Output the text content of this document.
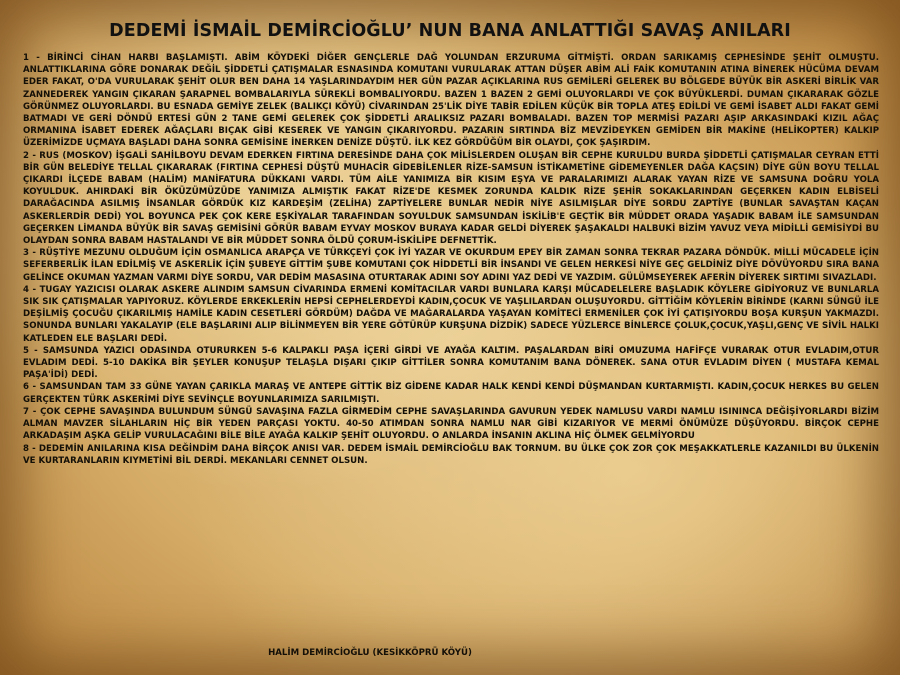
DEDEMİ İSMAİL DEMİRCİOĞLU’ NUN BANA ANLATTIĞI SAVAŞ ANILARI

1 - BİRİNCİ CİHAN HARBI BAŞLAMIŞTI. ABİM KÖYDEKİ DİĞER GENÇLERLE DAĞ YOLUNDAN ERZURUMA GİTMİŞTİ. ORDAN SARIKAMIŞ CEPHESİNDE ŞEHİT OLMUŞTU. ANLATTIKLARINA GÖRE DONARAK DEĞİL ŞİDDETLİ ÇATIŞMALAR ESNASINDA KOMUTANI VURULARAK ATTAN DÜŞER ABİM ALİ FAİK KOMUTANIN ATINA BİNEREK HÜCÜMA DEVAM EDER FAKAT, O'DA VURULARAK ŞEHİT OLUR BEN DAHA 14 YAŞLARINDAYDIM HER GÜN PAZAR AÇIKLARINA RUS GEMİLERİ GELEREK BU BÖLGEDE BÜYÜK BİR ASKERİ BİRLİK VAR ZANNEDEREK YANGIN ÇIKARAN ŞARAPNEL BOMBALARIYLA SÜREKLİ BOMBALIYORDU. BAZEN 1 BAZEN 2 GEMİ OLUYORLARDI VE ÇOK BÜYÜKLERDİ. DUMAN ÇIKARARAK GÖZLE GÖRÜNMEZ OLUYORLARDI. BU ESNADA GEMİYE ZELEK (BALIKÇI KÖYÜ) CİVARINDAN 25'LİK DİYE TABİR EDİLEN KÜÇÜK BİR TOPLA ATEŞ EDİLDİ VE GEMİ İSABET ALDI FAKAT GEMİ BATMADI VE GERİ DÖNDÜ ERTESİ GÜN 2 TANE GEMİ GELEREK ÇOK ŞİDDETLİ ARALIKSIZ PAZARI BOMBALADI. BAZEN TOP MERMİSİ PAZARI AŞIP ARKASINDAKİ KIZIL AĞAÇ ORMANINA İSABET EDEREK AĞAÇLARI BIÇAK GİBİ KESEREK VE YANGIN ÇIKARIYORDU. PAZARIN SIRTINDA BİZ MEVZİDEYKEN GEMİDEN BİR MAKİNE (HELİKOPTER) KALKIP ÜZERİMİZDE UÇMAYA BAŞLADI DAHA SONRA GEMİSİNE İNERKEN DENİZE DÜŞTÜ. İLK KEZ GÖRDÜĞÜM BİR OLAYDI, ÇOK ŞAŞIRDIM.

2 - RUS (MOSKOV) İŞGALİ SAHİLBOYU DEVAM EDERKEN FIRTINA DERESİNDE DAHA ÇOK MİLİSLERDEN OLUŞAN BİR CEPHE KURULDU BURDA ŞİDDETLİ ÇATIŞMALAR CEYRAN ETTİ BİR GÜN BELEDİYE TELLAL ÇIKARARAK (FIRTINA CEPHESİ DÜŞTÜ MUHACİR GİDEBİLENLER RİZE-SAMSUN İSTİKAMETİNE GİDEMEYENLER DAĞA KAÇSIN) DİYE GÜN BOYU TELLAL ÇIKARDI İLÇEDE BABAM (HALİM) MANİFATURA DÜKKANI VARDI. TÜM AİLE YANIMIZA BİR KISIM EŞYA VE PARALARIMIZI ALARAK YAYAN RİZE VE SAMSUNA DOĞRU YOLA KOYULDUK. AHIRDAKİ BİR ÖKÜZÜMÜZÜDE YANIMIZA ALMIŞTIK FAKAT RİZE'DE KESMEK ZORUNDA KALDIK RİZE ŞEHİR SOKAKLARINDAN GEÇERKEN KADIN ELBİSELİ DARAĞACINDA ASILMIŞ İNSANLAR GÖRDÜK KIZ KARDEŞİM (ZELİHA) ZAPTİYELERE BUNLAR NEDİR NİYE ASILMIŞLAR DİYE SORDU ZAPTİYE (BUNLAR SAVAŞTAN KAÇAN ASKERLERDİR DEDİ) YOL BOYUNCA PEK ÇOK KERE EŞKİYALAR TARAFINDAN SOYULDUK SAMSUNDAN İSKİLİB'E GEÇTİK BİR MÜDDET ORADA YAŞADIK BABAM İLE SAMSUNDAN GEÇERKEN LİMANDA BÜYÜK BİR SAVAŞ GEMİSİNİ GÖRÜR BABAM EYVAY MOSKOV BURAYA KADAR GELDİ DİYEREK ŞAŞAKALDI HALBUKİ BİZİM YAVUZ VEYA MİDİLLİ GEMİSİYDİ BU OLAYDAN SONRA BABAM HASTALANDI VE BİR MÜDDET SONRA ÖLDÜ ÇORUM-İSKİLİPE DEFNETTİK.

3 - RÜŞTİYE MEZUNU OLDUĞUM İÇİN OSMANLICA ARAPÇA VE TÜRKÇEYİ ÇOK İYİ YAZAR VE OKURDUM EPEY BİR ZAMAN SONRA TEKRAR PAZARA DÖNDÜK. MİLLİ MÜCADELE İÇİN SEFERBERLİK İLAN EDİLMİŞ VE ASKERLİK İÇİN ŞUBEYE GİTTİM ŞUBE KOMUTANI ÇOK HİDDETLİ BİR İNSANDI VE GELEN HERKESİ NİYE GEÇ GELDİNİZ DİYE DÖVÜYORDU SIRA BANA GELİNCE OKUMAN YAZMAN VARMI DİYE SORDU, VAR DEDİM MASASINA OTURTARAK ADINI SOY ADINI YAZ DEDİ VE YAZDIM. GÜLÜMSEYEREK AFERİN DİYEREK SIRTIMI SIVAZLADI.

4 - TUGAY YAZICISI OLARAK ASKERE ALINDIM SAMSUN CİVARINDA ERMENİ KOMİTACILAR VARDI BUNLARA KARŞI MÜCADELELERE BAŞLADIK KÖYLERE GİDİYORUZ VE BUNLARLA SIK SIK ÇATIŞMALAR YAPIYORUZ. KÖYLERDE ERKEKLERİN HEPSİ CEPHELERDEYDİ KADIN,ÇOCUK VE YAŞLILARDAN OLUŞUYORDU. GİTTİĞİM KÖYLERİN BİRİNDE (KARNI SÜNGÜ İLE DEŞİLMİŞ ÇOCUĞU ÇIKARILMIŞ HAMİLE KADIN CESETLERİ GÖRDÜM) DAĞDA VE MAĞARALARDA YAŞAYAN KOMİTECİ ERMENİLER ÇOK İYİ ÇATIŞIYORDU BOŞA KURŞUN YAKMAZDI. SONUNDA BUNLARI YAKALAYIP (ELE BAŞLARINI ALIP BİLİNMEYEN BİR YERE GÖTÜRÜP KURŞUNA DİZDİK) SADECE YÜZLERCE BİNLERCE ÇOLUK,ÇOCUK,YAŞLI,GENÇ VE SİVİL HALKI KATLEDEN ELE BAŞLARI DEDİ.

5 - SAMSUNDA YAZICI ODASINDA OTURURKEN 5-6 KALPAKLI PAŞA İÇERİ GİRDİ VE AYAĞA KALTIM. PAŞALARDAN BİRİ OMUZUMA HAFİFÇE VURARAK OTUR EVLADIM,OTUR EVLADIM DEDİ. 5-10 DAKİKA BİR ŞEYLER KONUŞUP TELAŞLA DIŞARI ÇIKIP GİTTİLER SONRA KOMUTANIM BANA DÖNEREK. SANA OTUR EVLADIM DİYEN ( MUSTAFA KEMAL PAŞA'İDİ) DEDİ.

6 - SAMSUNDAN TAM 33 GÜNE YAYAN ÇARIKLA MARAŞ VE ANTEPE GİTTİK BİZ GİDENE KADAR HALK KENDİ KENDİ DÜŞMANDAN KURTARMIŞTI. KADIN,ÇOCUK HERKES BU GELEN GERÇEKTEN TÜRK ASKERİMİ DİYE SEVİNÇLE BOYUNLARIMIZA SARILMIŞTI.

7 - ÇOK CEPHE SAVAŞINDA BULUNDUM SÜNGÜ SAVAŞINA FAZLA GİRMEDİM CEPHE SAVAŞLARINDA GAVURUN YEDEK NAMLUSU VARDI NAMLU ISININCA DEĞİŞİYORLARDI BİZİM ALMAN MAVZER SİLAHLARIN HİÇ BİR YEDEN PARÇASI YOKTU. 40-50 ATIMDAN SONRA NAMLU NAR GİBİ KIZARIYOR VE MERMİ ÖNÜMÜZE DÜŞÜYORDU. BİRÇOK CEPHE ARKADAŞIM AŞKA GELİP VURULACAĞINI BİLE BİLE AYAĞA KALKIP ŞEHİT OLUYORDU. O ANLARDA İNSANIN AKLINA HİÇ ÖLMEK GELMİYORDU

8 - DEDEMİN ANILARINA KISA DEĞİNDİM DAHA BİRÇOK ANISI VAR. DEDEM İSMAİL DEMİRCİOĞLU BAK TORNUM. BU ÜLKE ÇOK ZOR ÇOK MEŞAKKATLERLE KAZANILDI BU ÜLKENİN VE KURTARANLARIN KIYMETİNİ BİL DERDİ. MEKANLARI CENNET OLSUN.

HALİM DEMİRCİOĞLU (KESİKKÖPRÜ KÖYÜ)
